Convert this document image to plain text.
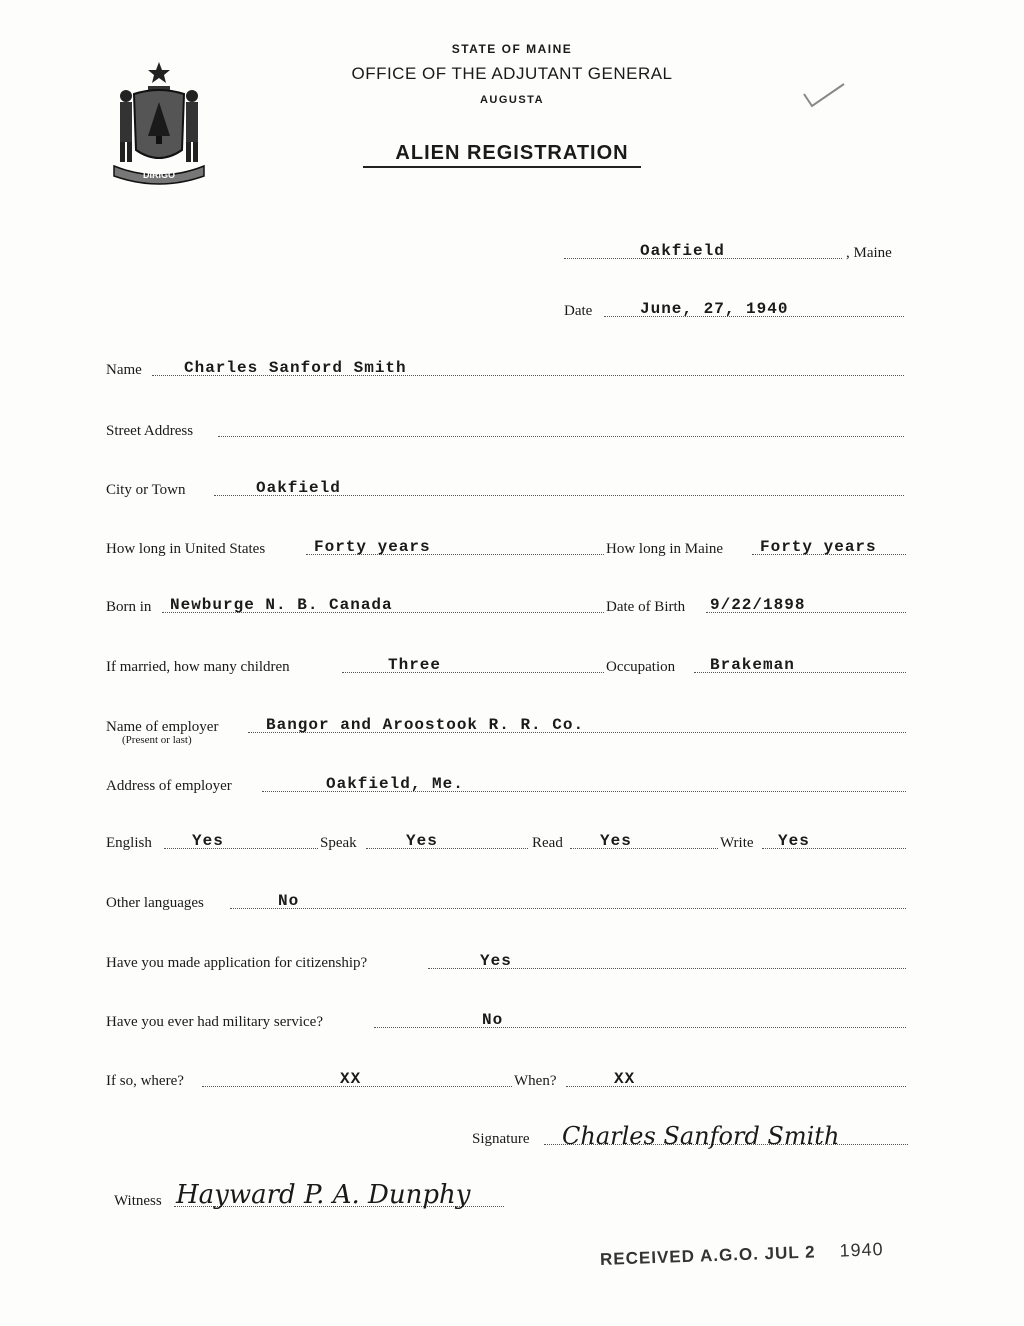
STATE OF MAINE
OFFICE OF THE ADJUTANT GENERAL
AUGUSTA
ALIEN REGISTRATION
DIRIGO
Oakfield	, Maine
Date	June, 27, 1940
Name	Charles Sanford Smith
Street Address
City or Town	Oakfield
How long in United States	Forty years	How long in Maine Forty years
Born in Newburge N. B. Canada	Date of Birth 9/22/1898
If married, how many children	Three	Occupation Brakeman
Name of employer	Bangor and Aroostook R. R. Co.
(Present or last)
Address of employer	Oakfield, Me.
English	Yes	Speak	Yes	Read Yes	Write Yes
Other languages	No
Have you made application for citizenship?	Yes
Have you ever had military service?	No
If so, where?	XX	When?	XX
Signature Charles Sanford Smith
Witness Hayward P. A. Dunphy
RECEIVED A.G.O. JUL 2 1940
